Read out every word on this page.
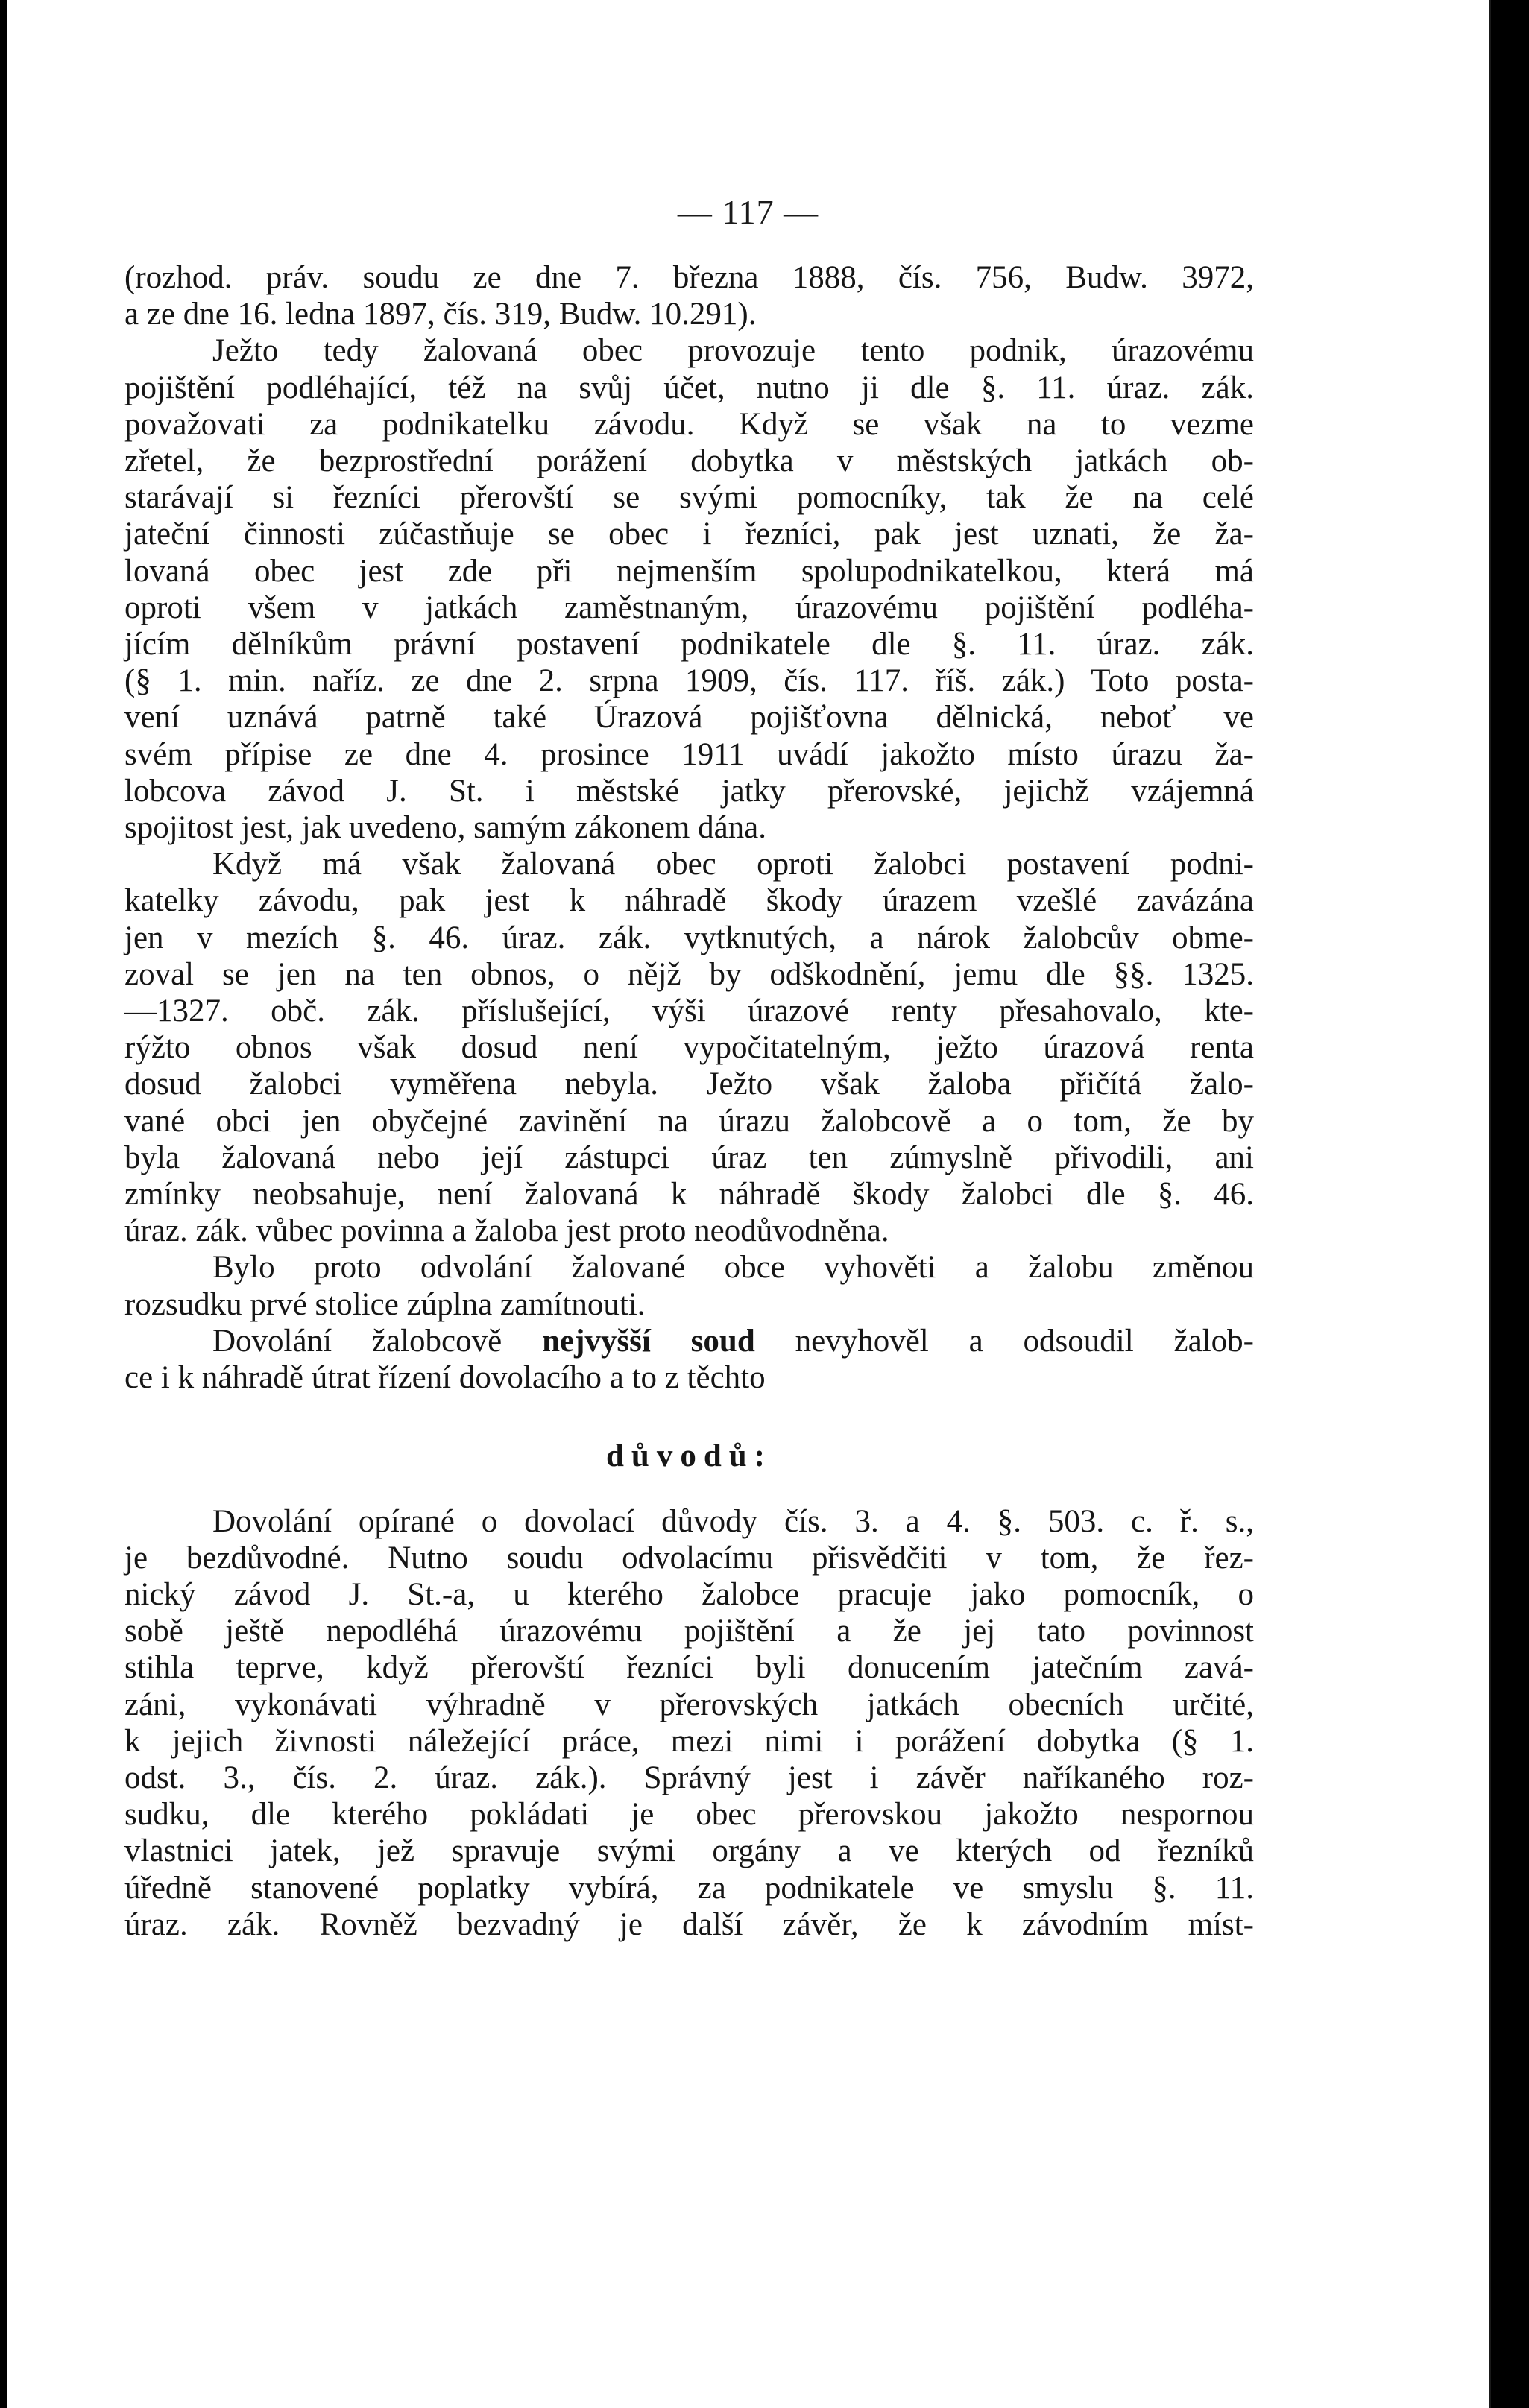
— 117 —
(rozhod. práv. soudu ze dne 7. března 1888, čís. 756, Budw. 3972,
a ze dne 16. ledna 1897, čís. 319, Budw. 10.291).
Ježto tedy žalovaná obec provozuje tento podnik, úrazovému
pojištění podléhající, též na svůj účet, nutno ji dle §. 11. úraz. zák.
považovati za podnikatelku závodu. Když se však na to vezme
zřetel, že bezprostřední porážení dobytka v městských jatkách ob-
starávají si řezníci přerovští se svými pomocníky, tak že na celé
jateční činnosti zúčastňuje se obec i řezníci, pak jest uznati, že ža-
lovaná obec jest zde při nejmenším spolupodnikatelkou, která má
oproti všem v jatkách zaměstnaným, úrazovému pojištění podléha-
jícím dělníkům právní postavení podnikatele dle §. 11. úraz. zák.
(§ 1. min. naříz. ze dne 2. srpna 1909, čís. 117. říš. zák.) Toto posta-
vení uznává patrně také Úrazová pojišťovna dělnická, neboť ve
svém přípise ze dne 4. prosince 1911 uvádí jakožto místo úrazu ža-
lobcova závod J. St. i městské jatky přerovské, jejichž vzájemná
spojitost jest, jak uvedeno, samým zákonem dána.
Když má však žalovaná obec oproti žalobci postavení podni-
katelky závodu, pak jest k náhradě škody úrazem vzešlé zavázána
jen v mezích §. 46. úraz. zák. vytknutých, a nárok žalobcův obme-
zoval se jen na ten obnos, o nějž by odškodnění, jemu dle §§. 1325.
—1327. obč. zák. příslušející, výši úrazové renty přesahovalo, kte-
rýžto obnos však dosud není vypočitatelným, ježto úrazová renta
dosud žalobci vyměřena nebyla. Ježto však žaloba přičítá žalo-
vané obci jen obyčejné zavinění na úrazu žalobcově a o tom, že by
byla žalovaná nebo její zástupci úraz ten zúmyslně přivodili, ani
zmínky neobsahuje, není žalovaná k náhradě škody žalobci dle §. 46.
úraz. zák. vůbec povinna a žaloba jest proto neodůvodněna.
Bylo proto odvolání žalované obce vyhověti a žalobu změnou
rozsudku prvé stolice zúplna zamítnouti.
Dovolání žalobcově nejvyšší soud nevyhověl a odsoudil žalob-
ce i k náhradě útrat řízení dovolacího a to z těchto
důvodů:
Dovolání opírané o dovolací důvody čís. 3. a 4. §. 503. c. ř. s.,
je bezdůvodné. Nutno soudu odvolacímu přisvědčiti v tom, že řez-
nický závod J. St.-a, u kterého žalobce pracuje jako pomocník, o
sobě ještě nepodléhá úrazovému pojištění a že jej tato povinnost
stihla teprve, když přerovští řezníci byli donucením jatečním zavá-
záni, vykonávati výhradně v přerovských jatkách obecních určité,
k jejich živnosti náležející práce, mezi nimi i porážení dobytka (§ 1.
odst. 3., čís. 2. úraz. zák.). Správný jest i závěr naříkaného roz-
sudku, dle kterého pokládati je obec přerovskou jakožto nespornou
vlastnici jatek, jež spravuje svými orgány a ve kterých od řezníků
úředně stanovené poplatky vybírá, za podnikatele ve smyslu §. 11.
úraz. zák. Rovněž bezvadný je další závěr, že k závodním míst-
